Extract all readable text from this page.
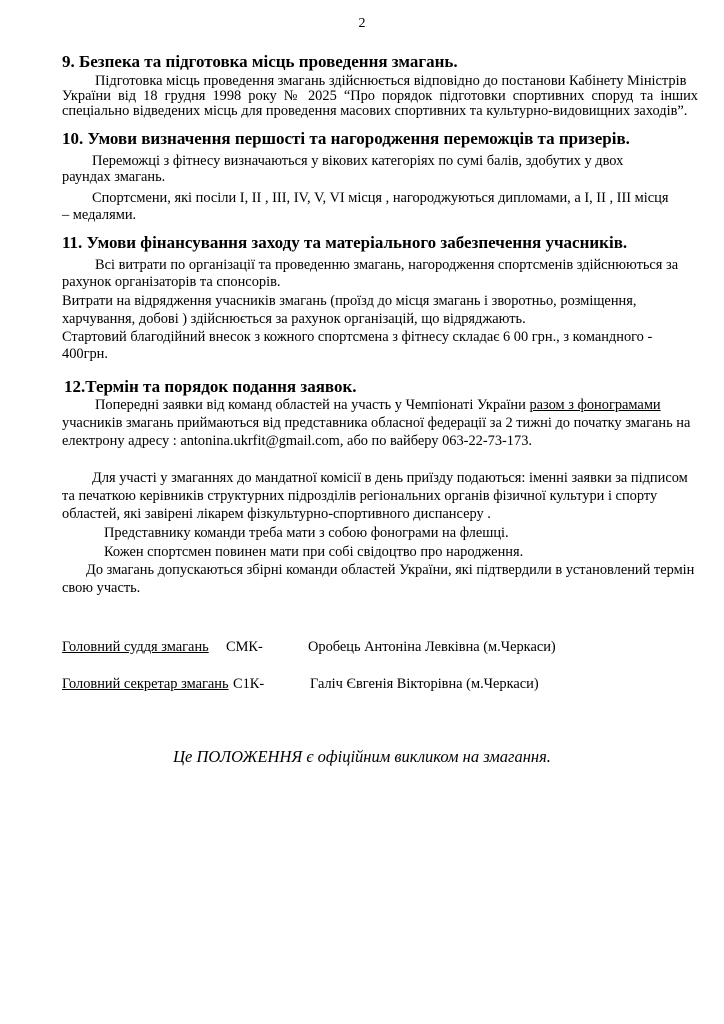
2
9. Безпека та підготовка місць проведення змагань.
Підготовка місць проведення змагань здійснюється відповідно до постанови Кабінету Міністрів
України від 18 грудня 1998 року № 2025 “Про порядок підготовки спортивних споруд та інших
спеціально відведених місць для проведення масових спортивних та культурно-видовищних заходів”.
10. Умови визначення першості та нагородження переможців та призерів.
Переможці з фітнесу визначаються у вікових категоріях по сумі балів, здобутих у двох
раундах змагань.
Спортсмени, які посіли I, II , III, IV, V, VI місця , нагороджуються дипломами, а I, II , III місця
– медалями.
11. Умови фінансування заходу та матеріального забезпечення учасників.
Всі витрати по організації та проведенню змагань, нагородження спортсменів здійснюються за
рахунок організаторів та спонсорів.
Витрати на відрядження учасників змагань (проїзд до місця змагань і зворотньо, розміщення,
харчування, добові ) здійснюється за рахунок організацій, що відряджають.
Стартовий благодійний внесок з кожного спортсмена з фітнесу складає 6 00 грн., з командного -
400грн.
12.Термін та порядок подання заявок.
Попередні заявки від команд областей на участь у Чемпіонаті України разом з фонограмами
учасників змагань приймаються від представника обласної федерації за 2 тижні до початку змагань на
електрону адресу : antonina.ukrfit@gmail.com, або по вайберу 063-22-73-173.
Для участі у змаганнях до мандатної комісії в день приїзду подаються: іменні заявки за підписом
та печаткою керівників структурних підрозділів регіональних органів фізичної культури і спорту
областей, які завірені лікарем фізкультурно-спортивного диспансеру .
Представнику команди треба мати з собою фонограми на флешці.
Кожен спортсмен повинен мати при собі свідоцтво про народження.
До змагань допускаються збірні команди областей України, які підтвердили в установлений термін
свою участь.
Головний суддя змагань СМК-	Оробець Антоніна Левківна (м.Черкаси)
Головний секретар змагань С1К-	Галіч Євгенія Вікторівна (м.Черкаси)
Це ПОЛОЖЕННЯ є офіційним викликом на змагання.
